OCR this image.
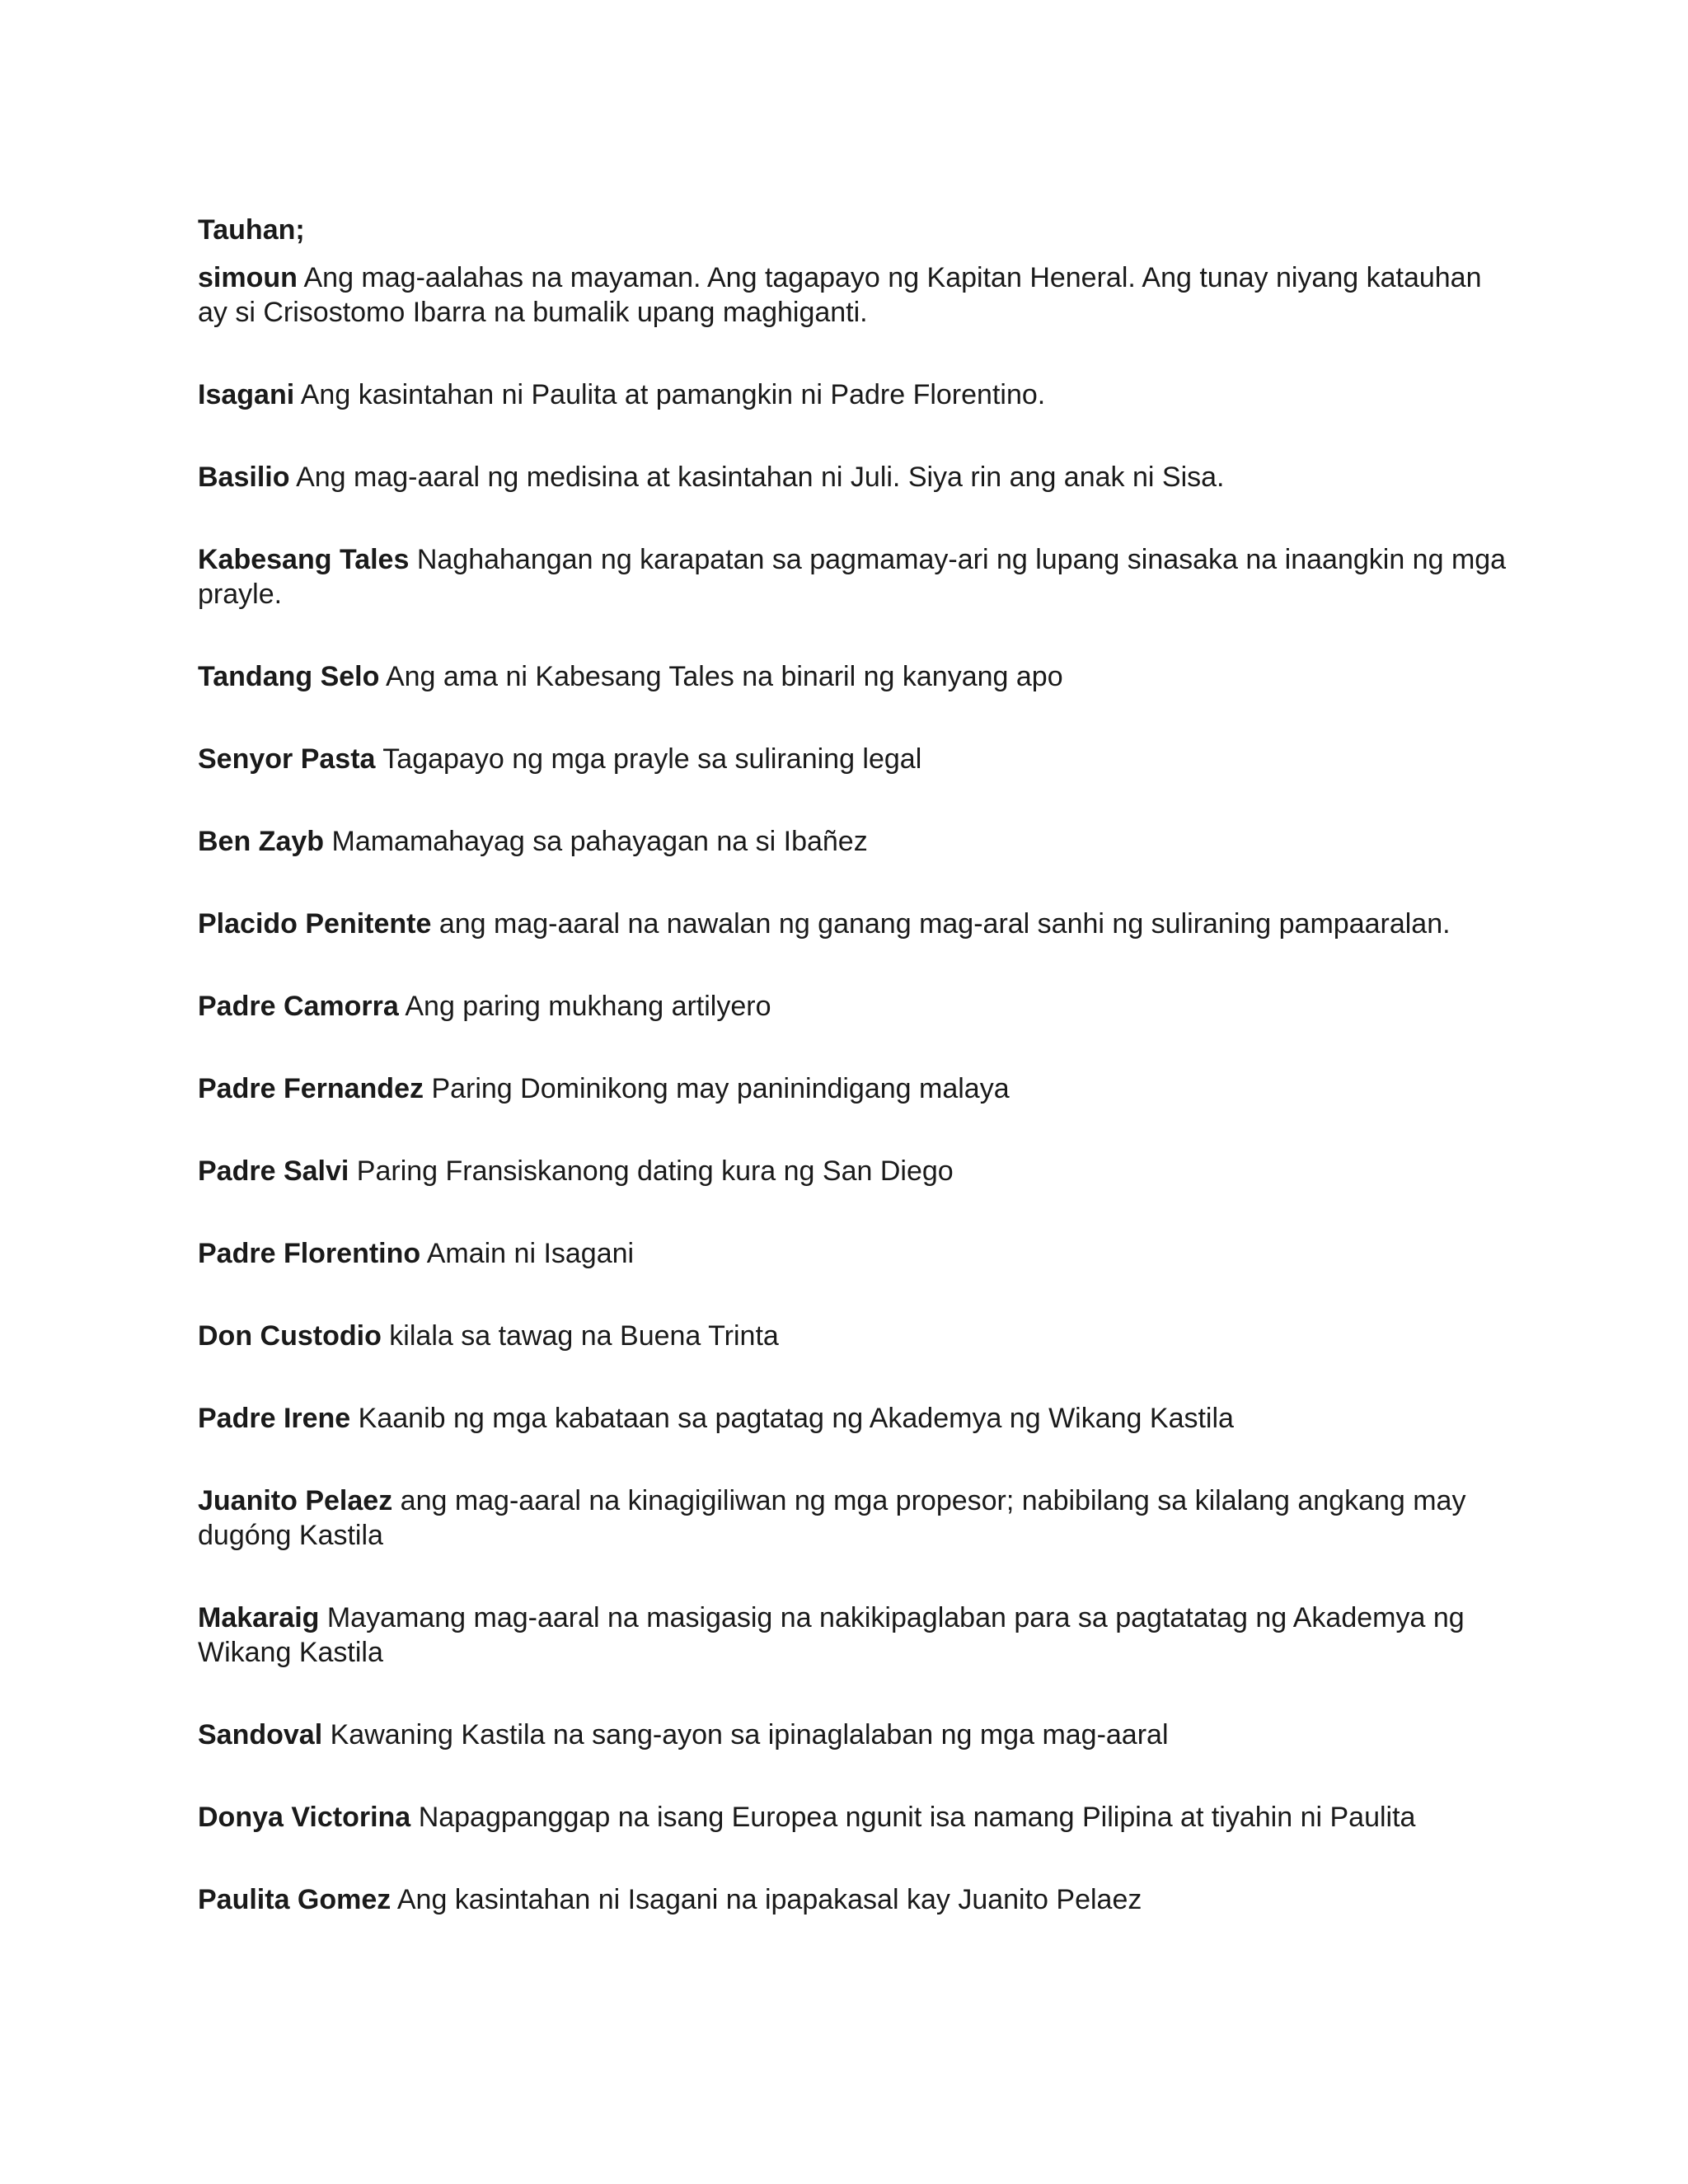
Tauhan;

simoun Ang mag-aalahas na mayaman. Ang tagapayo ng Kapitan Heneral. Ang tunay niyang katauhan ay si Crisostomo Ibarra na bumalik upang maghiganti.

Isagani Ang kasintahan ni Paulita at pamangkin ni Padre Florentino.

Basilio Ang mag-aaral ng medisina at kasintahan ni Juli. Siya rin ang anak ni Sisa.

Kabesang Tales Naghahangan ng karapatan sa pagmamay-ari ng lupang sinasaka na inaangkin ng mga prayle.

Tandang Selo Ang ama ni Kabesang Tales na binaril ng kanyang apo

Senyor Pasta Tagapayo ng mga prayle sa suliraning legal

Ben Zayb Mamamahayag sa pahayagan na si Ibañez

Placido Penitente ang mag-aaral na nawalan ng ganang mag-aral sanhi ng suliraning pampaaralan.

Padre Camorra Ang paring mukhang artilyero

Padre Fernandez Paring Dominikong may paninindigang malaya

Padre Salvi Paring Fransiskanong dating kura ng San Diego

Padre Florentino Amain ni Isagani

Don Custodio kilala sa tawag na Buena Trinta

Padre Irene Kaanib ng mga kabataan sa pagtatag ng Akademya ng Wikang Kastila

Juanito Pelaez ang mag-aaral na kinagigiliwan ng mga propesor; nabibilang sa kilalang angkang may dugóng Kastila

Makaraig Mayamang mag-aaral na masigasig na nakikipaglaban para sa pagtatatag ng Akademya ng Wikang Kastila

Sandoval Kawaning Kastila na sang-ayon sa ipinaglalaban ng mga mag-aaral

Donya Victorina Napagpanggap na isang Europea ngunit isa namang Pilipina at tiyahin ni Paulita

Paulita Gomez Ang kasintahan ni Isagani na ipapakasal kay Juanito Pelaez
